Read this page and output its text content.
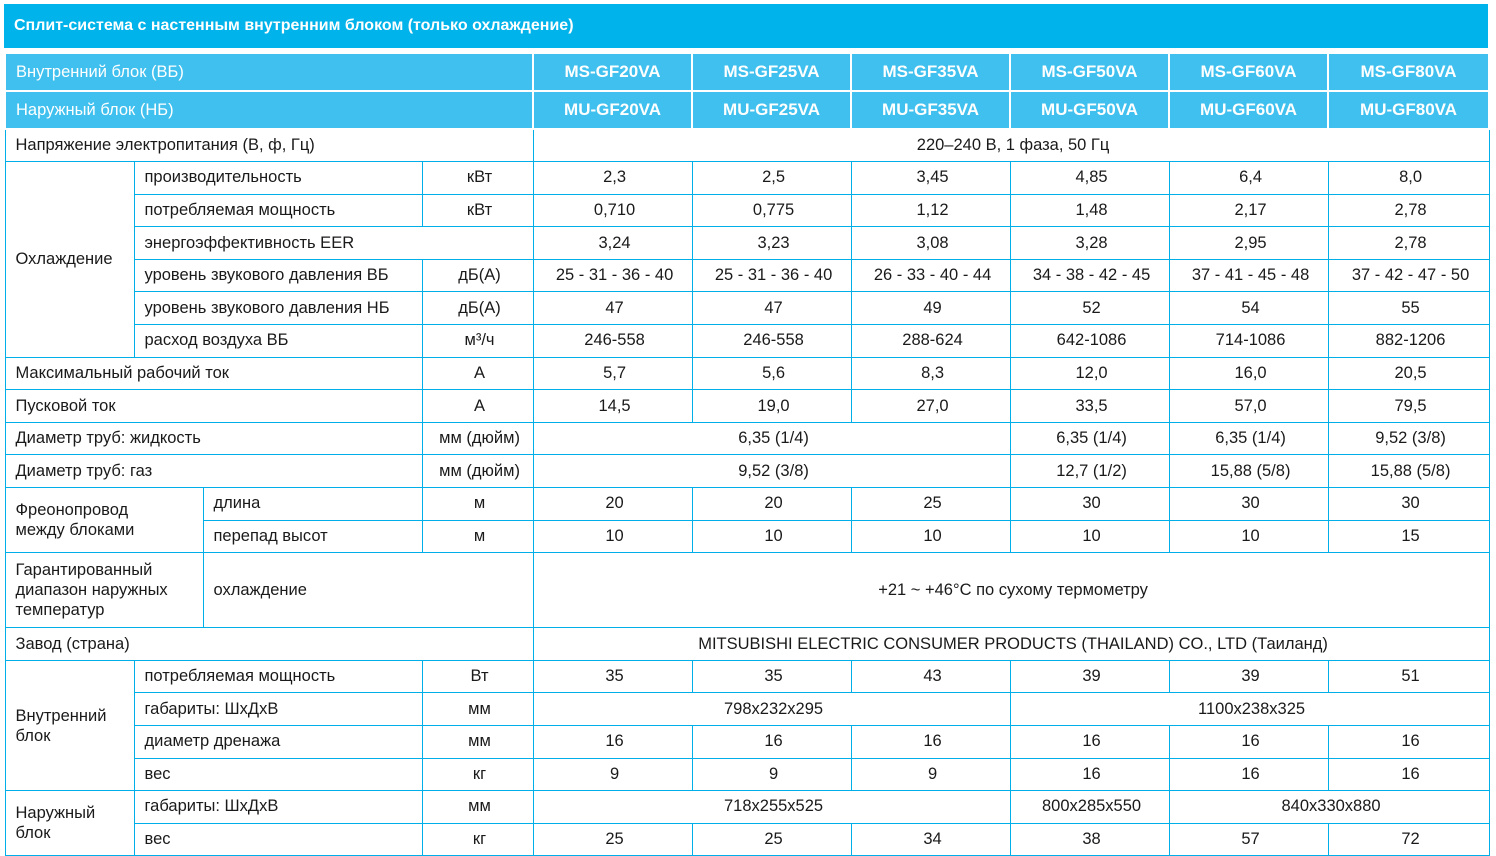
Сплит-система с настенным внутренним блоком (только охлаждение)
Внутренний блок (ВБ)				MS-GF20VA	MS-GF25VA	MS-GF35VA	MS-GF50VA	MS-GF60VA	MS-GF80VA
Наружный блок (НБ)				MU-GF20VA	MU-GF25VA	MU-GF35VA	MU-GF50VA	MU-GF60VA	MU-GF80VA
Напряжение электропитания (В, ф, Гц)				220–240 В, 1 фаза, 50 Гц					
Охлаждение	производительность		кВт	2,3	2,5	3,45	4,85	6,4	8,0
	потребляемая мощность		кВт	0,710	0,775	1,12	1,48	2,17	2,78
	энергоэффективность EER			3,24	3,23	3,08	3,28	2,95	2,78
	уровень звукового давления ВБ		дБ(А)	25 - 31 - 36 - 40	25 - 31 - 36 - 40	26 - 33 - 40 - 44	34 - 38 - 42 - 45	37 - 41 - 45 - 48	37 - 42 - 47 - 50
	уровень звукового давления НБ		дБ(А)	47	47	49	52	54	55
	расход воздуха ВБ		м³/ч	246-558	246-558	288-624	642-1086	714-1086	882-1206
Максимальный рабочий ток			А	5,7	5,6	8,3	12,0	16,0	20,5
Пусковой ток			А	14,5	19,0	27,0	33,5	57,0	79,5
Диаметр труб: жидкость			мм (дюйм)	6,35 (1/4)			6,35 (1/4)	6,35 (1/4)	9,52 (3/8)
Диаметр труб: газ			мм (дюйм)	9,52 (3/8)			12,7 (1/2)	15,88 (5/8)	15,88 (5/8)
Фреонопровод
между блоками		длина	м	20	20	25	30	30	30
		перепад высот	м	10	10	10	10	10	15
Гарантированный
диапазон наружных
температур		охлаждение		+21 ~ +46°C по сухому термометру					
Завод (страна)				MITSUBISHI ELECTRIC CONSUMER PRODUCTS (THAILAND) CO., LTD (Таиланд)					
Внутренний
блок	потребляемая мощность		Вт	35	35	43	39	39	51
	габариты: ШхДхВ		мм	798x232x295			1100x238x325		
	диаметр дренажа		мм	16	16	16	16	16	16
	вес		кг	9	9	9	16	16	16
Наружный
блок	габариты: ШхДхВ		мм	718x255x525			800x285x550	840x330x880	
	вес		кг	25	25	34	38	57	72
